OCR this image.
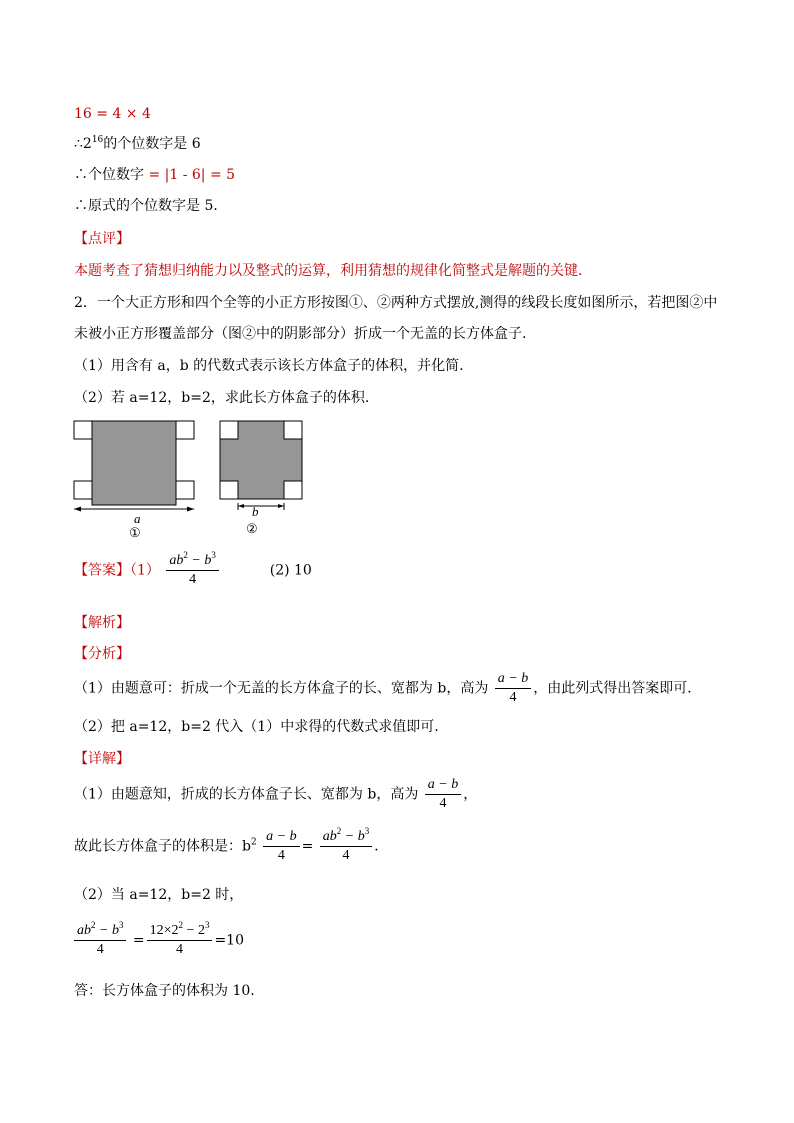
16 = 4 × 4
$\therefore 2^{16}$的个位数字是 6
∴个位数字 = |1 - 6| = 5
∴原式的个位数字是 5．
【点评】
本题考查了猜想归纳能力以及整式的运算，利用猜想的规律化简整式是解题的关键．
2．一个大正方形和四个全等的小正方形按图①、②两种方式摆放,测得的线段长度如图所示，若把图②中
未被小正方形覆盖部分（图②中的阴影部分）折成一个无盖的长方体盒子.
（1）用含有 a，b 的代数式表示该长方体盒子的体积，并化简.
（2）若 a=12，b=2，求此长方体盒子的体积.
a
①
b
②
【答案】$(1) \frac{ab^2 - b^3}{4}$	(2) 10
【解析】
【分析】
（1）由题意可：折成一个无盖的长方体盒子的长、宽都为 b，高为 $\frac{a - b}{4}$ ，由此列式得出答案即可．
（2）把 a=12，b=2 代入（1）中求得的代数式求值即可.
【详解】
（1）由题意知，折成的长方体盒子长、宽都为 b，高为 $\frac{a - b}{4}$ ，
故此长方体盒子的体积是：$b^2 \frac{a - b}{4} = \frac{ab^2 - b^3}{4}$ ．
（2）当 a=12，b=2 时，
$\frac{ab^2 - b^3}{4} = \frac{12\times 2^2 - 2^3}{4} =10$
答：长方体盒子的体积为 10.
